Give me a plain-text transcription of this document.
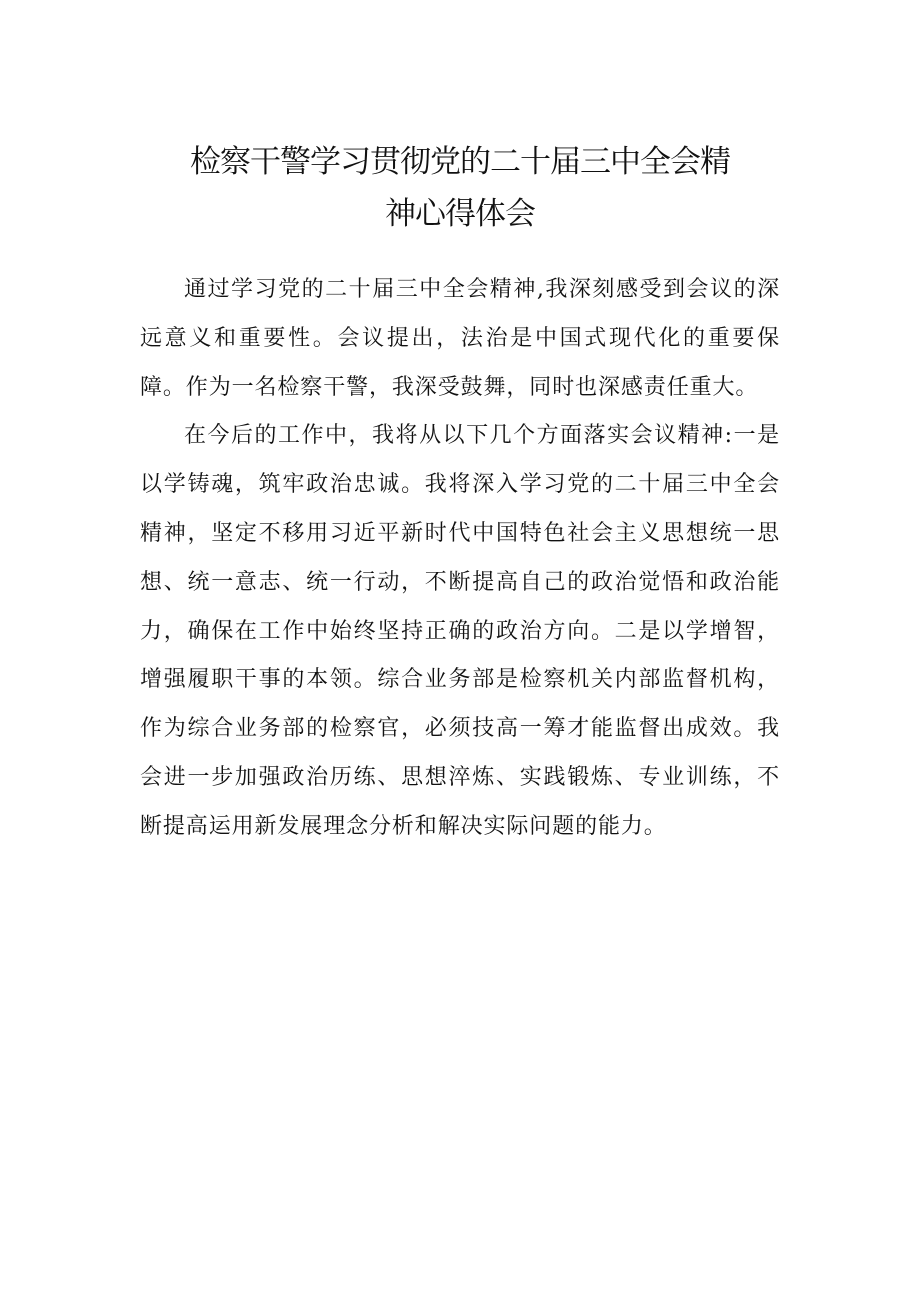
检察干警学习贯彻党的二十届三中全会精
神心得体会

通过学习党的二十届三中全会精神,我深刻感受到会议的深远意义和重要性。会议提出，法治是中国式现代化的重要保障。作为一名检察干警，我深受鼓舞，同时也深感责任重大。

在今后的工作中，我将从以下几个方面落实会议精神:一是以学铸魂，筑牢政治忠诚。我将深入学习党的二十届三中全会精神，坚定不移用习近平新时代中国特色社会主义思想统一思想、统一意志、统一行动，不断提高自己的政治觉悟和政治能力，确保在工作中始终坚持正确的政治方向。二是以学增智，增强履职干事的本领。综合业务部是检察机关内部监督机构，作为综合业务部的检察官，必须技高一筹才能监督出成效。我会进一步加强政治历练、思想淬炼、实践锻炼、专业训练，不断提高运用新发展理念分析和解决实际问题的能力。
